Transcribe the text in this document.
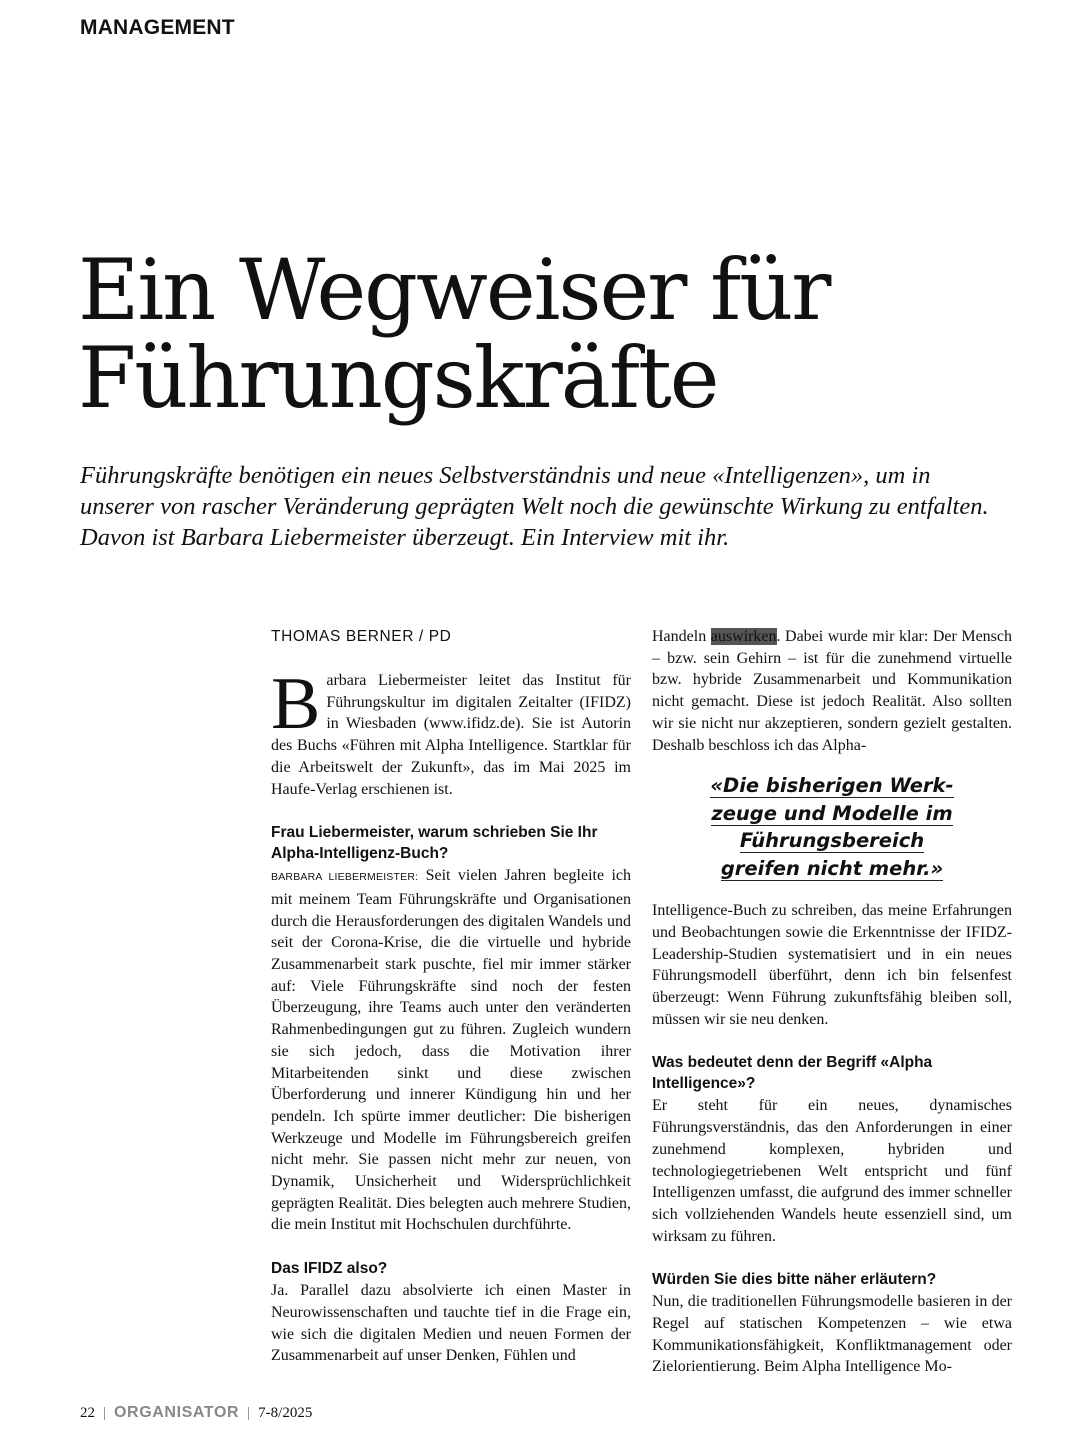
MANAGEMENT
Ein Wegweiser für
Führungskräfte

Führungskräfte benötigen ein neues Selbstverständnis und neue «Intelligenzen», um in unserer von rascher Veränderung geprägten Welt noch die gewünschte Wirkung zu entfalten. Davon ist Barbara Liebermeister überzeugt. Ein Interview mit ihr.

THOMAS BERNER / PD

Barbara Liebermeister leitet das Institut für Führungskultur im digitalen Zeitalter (IFIDZ) in Wiesbaden (www.ifidz.de). Sie ist Autorin des Buchs «Führen mit Alpha Intelligence. Startklar für die Arbeitswelt der Zukunft», das im Mai 2025 im Haufe-Verlag erschienen ist.

Frau Liebermeister, warum schrieben Sie Ihr Alpha-Intelligenz-Buch?

BARBARA LIEBERMEISTER: Seit vielen Jahren begleite ich mit meinem Team Führungskräfte und Organisationen durch die Herausforderungen des digitalen Wandels und seit der Corona-Krise, die die virtuelle und hybride Zusammenarbeit stark puschte, fiel mir immer stärker auf: Viele Führungskräfte sind noch der festen Überzeugung, ihre Teams auch unter den veränderten Rahmenbedingungen gut zu führen. Zugleich wundern sie sich jedoch, dass die Motivation ihrer Mitarbeitenden sinkt und diese zwischen Überforderung und innerer Kündigung hin und her pendeln. Ich spürte immer deutlicher: Die bisherigen Werkzeuge und Modelle im Führungsbereich greifen nicht mehr. Sie passen nicht mehr zur neuen, von Dynamik, Unsicherheit und Widersprüchlichkeit geprägten Realität. Dies belegten auch mehrere Studien, die mein Institut mit Hochschulen durchführte.

Das IFIDZ also?

Ja. Parallel dazu absolvierte ich einen Master in Neurowissenschaften und tauchte tief in die Frage ein, wie sich die digitalen Medien und neuen Formen der Zusammenarbeit auf unser Denken, Fühlen und

Handeln auswirken. Dabei wurde mir klar: Der Mensch – bzw. sein Gehirn – ist für die zunehmend virtuelle bzw. hybride Zusammenarbeit und Kommunikation nicht gemacht. Diese ist jedoch Realität. Also sollten wir sie nicht nur akzeptieren, sondern gezielt gestalten. Deshalb beschloss ich das Alpha-

«Die bisherigen Werk-
zeuge und Modelle im
Führungsbereich
greifen nicht mehr.»

Intelligence-Buch zu schreiben, das meine Erfahrungen und Beobachtungen sowie die Erkenntnisse der IFIDZ-Leadership-Studien systematisiert und in ein neues Führungsmodell überführt, denn ich bin felsenfest überzeugt: Wenn Führung zukunftsfähig bleiben soll, müssen wir sie neu denken.

Was bedeutet denn der Begriff «Alpha Intelligence»?

Er steht für ein neues, dynamisches Führungsverständnis, das den Anforderungen in einer zunehmend komplexen, hybriden und technologiegetriebenen Welt entspricht und fünf Intelligenzen umfasst, die aufgrund des immer schneller sich vollziehenden Wandels heute essenziell sind, um wirksam zu führen.

Würden Sie dies bitte näher erläutern?

Nun, die traditionellen Führungsmodelle basieren in der Regel auf statischen Kompetenzen – wie etwa Kommunikationsfähigkeit, Konfliktmanagement oder Zielorientierung. Beim Alpha Intelligence Mo-

22 | ORGANISATOR | 7-8/2025
